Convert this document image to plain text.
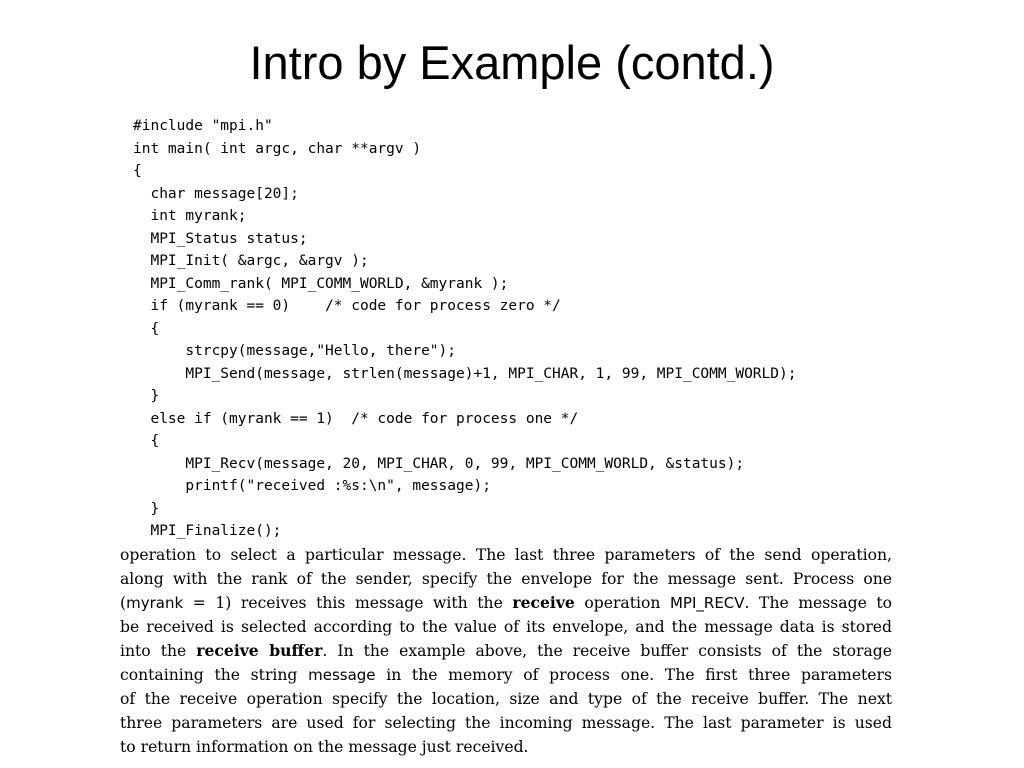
Intro by Example (contd.)
#include "mpi.h"
int main( int argc, char **argv )
{
char message[20];
int myrank;
MPI_Status status;
MPI_Init( &argc, &argv );
MPI_Comm_rank( MPI_COMM_WORLD, &myrank );
if (myrank == 0)    /* code for process zero */
{
strcpy(message,"Hello, there");
MPI_Send(message, strlen(message)+1, MPI_CHAR, 1, 99, MPI_COMM_WORLD);
}
else if (myrank == 1)  /* code for process one */
{
MPI_Recv(message, 20, MPI_CHAR, 0, 99, MPI_COMM_WORLD, &status);
printf("received :%s:\n", message);
}
MPI_Finalize();
operation to select a particular message. The last three parameters of the send operation,
along with the rank of the sender, specify the envelope for the message sent. Process one
(myrank = 1) receives this message with the receive operation MPI_RECV. The message to
be received is selected according to the value of its envelope, and the message data is stored
into the receive buffer. In the example above, the receive buffer consists of the storage
containing the string message in the memory of process one. The first three parameters
of the receive operation specify the location, size and type of the receive buffer. The next
three parameters are used for selecting the incoming message. The last parameter is used
to return information on the message just received.
